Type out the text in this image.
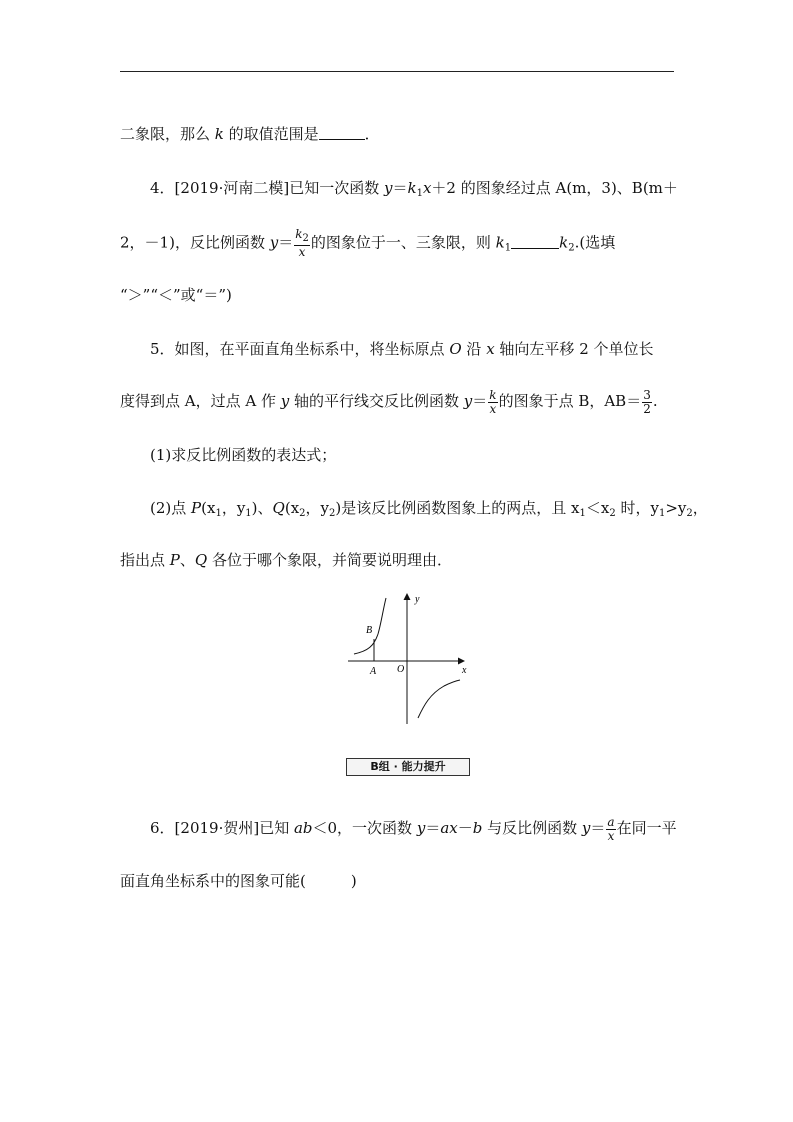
二象限，那么 k 的取值范围是	．
4．[2019·河南二模]已知一次函数 $y=k_1x+2$ 的图象经过点 A(m，3)、B(m＋
2，－1)，反比例函数 $y= \frac{k_2}{x}$ 的图象位于一、三象限，则 $k_1$	$k_2$.(选填
“＞”“＜”或“＝”)
5．如图，在平面直角坐标系中，将坐标原点 O 沿 x 轴向左平移 2 个单位长
度得到点 A，过点 A 作 y 轴的平行线交反比例函数 $y= \frac{k}{x}$ 的图象于点 B，$AB= \frac{3}{2}$ .
(1)求反比例函数的表达式；
(2)点 $P(x_1$，$y_1$)、$Q(x_2$，$y_2$)是该反比例函数图象上的两点，且 $x_1<x_2$ 时，$y_1>y_2$，
指出点 P、Q 各位于哪个象限，并简要说明理由．
y
x
O
A
B
B组 · 能力提升
6．[2019·贺州]已知 ab＜0，一次函数 y＝ax－b 与反比例函数 $y= \frac{a}{x}$ 在同一平
面直角坐标系中的图象可能(　　　)
